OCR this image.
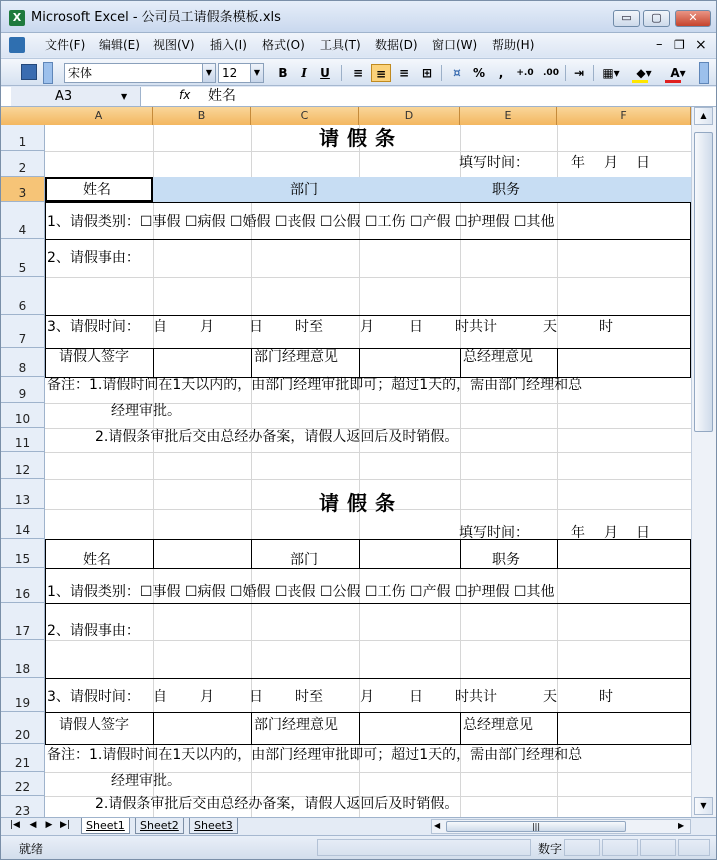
X Microsoft Excel - 公司员工请假条模板.xls	▭	▢	✕
文件(F) 编辑(E) 视图(V) 插入(I) 格式(O) 工具(T) 数据(D) 窗口(W) 帮助(H)	– ❐ ×
宋体	▼ 12	▼	B	I	U	≡	≡	≡	⊞	¤	%	,	+.0	.00	⇥	▦▾	◆▾	A▾
A3	▼	fx 姓名
A	B	C	D	E	F
1
2
3
4
5
6
7
8
9
10
11
12
13
14
15
16
17
18
19
20
21
22
23
请假条
填写时间：	年 月 日
姓名	部门	职务
1、请假类别：☐事假 ☐病假 ☐婚假 ☐丧假 ☐公假 ☐工伤 ☐产假 ☐护理假 ☐其他
2、请假事由：
3、请假时间： 自 月	日 时至	月	日 时共计	天	时
请假人签字	部门经理意见	总经理意见
备注：1.请假时间在1天以内的，由部门经理审批即可；超过1天的，需由部门经理和总
经理审批。
2.请假条审批后交由总经办备案，请假人返回后及时销假。
请假条
填写时间：	年 月 日
姓名	部门	职务
1、请假类别：☐事假 ☐病假 ☐婚假 ☐丧假 ☐公假 ☐工伤 ☐产假 ☐护理假 ☐其他
2、请假事由：
3、请假时间： 自 月	日 时至	月	日 时共计	天	时
请假人签字	部门经理意见	总经理意见
备注：1.请假时间在1天以内的，由部门经理审批即可；超过1天的，需由部门经理和总
经理审批。
2.请假条审批后交由总经办备案，请假人返回后及时销假。
▲
▼
|◀ ◀ ▶ ▶|	Sheet1	Sheet2	Sheet3	◀	|||	▶
就绪	数字
